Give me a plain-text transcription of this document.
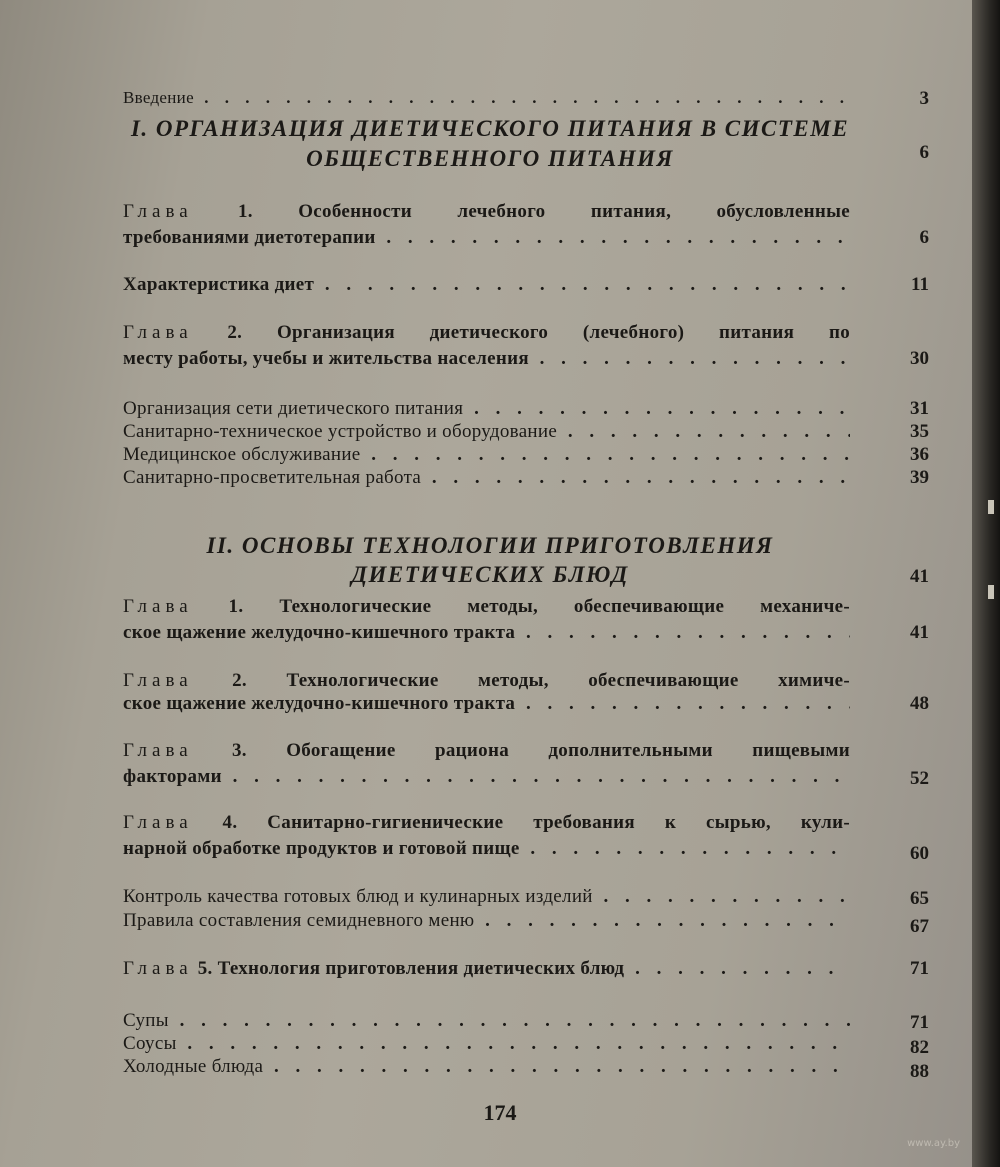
Введение . . .	3
I. ОРГАНИЗАЦИЯ ДИЕТИЧЕСКОГО ПИТАНИЯ В СИСТЕМЕ
ОБЩЕСТВЕННОГО ПИТАНИЯ	6
Глава 1. Особенности лечебного питания, обусловленные
требованиями диетотерапии . . .	6
Характеристика диет . . .	11
Глава 2. Организация диетического (лечебного) питания по
месту работы, учебы и жительства населения . . .	30
Организация сети диетического питания . . .	31
Санитарно-техническое устройство и оборудование . . .	35
Медицинское обслуживание . . .	36
Санитарно-просветительная работа . . .	39
II. ОСНОВЫ ТЕХНОЛОГИИ ПРИГОТОВЛЕНИЯ
ДИЕТИЧЕСКИХ БЛЮД	41
Глава 1. Технологические методы, обеспечивающие механиче-
ское щажение желудочно-кишечного тракта . . .	41
Глава 2. Технологические методы, обеспечивающие химиче-
ское щажение желудочно-кишечного тракта . . .	48
Глава 3. Обогащение рациона дополнительными пищевыми
факторами . . .	52
Глава 4. Санитарно-гигиенические требования к сырью, кули-
нарной обработке продуктов и готовой пище . . .	60
Контроль качества готовых блюд и кулинарных изделий . . .	65
Правила составления семидневного меню . . .	67
Глава 5. Технология приготовления диетических блюд . . .	71
Супы . . .	71
Соусы . . .	82
Холодные блюда . . .	88
174
www.ay.by
